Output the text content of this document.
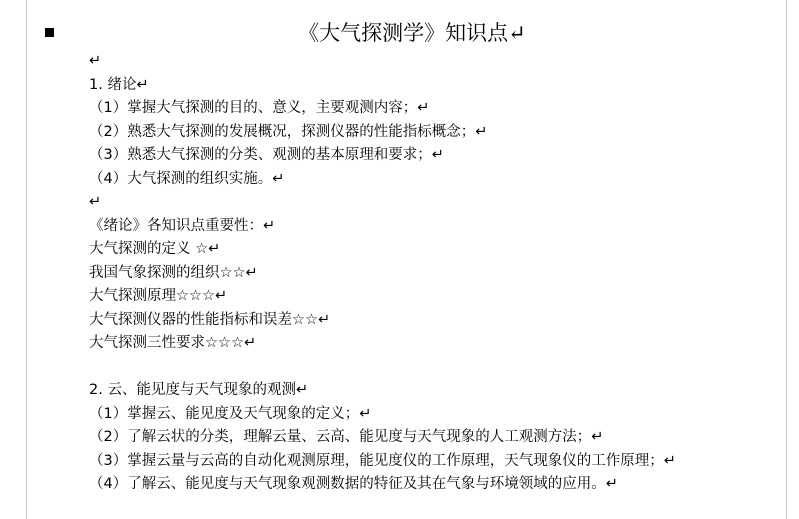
《大气探测学》知识点↵
↵
1. 绪论↵
（1）掌握大气探测的目的、意义，主要观测内容；↵
（2）熟悉大气探测的发展概况，探测仪器的性能指标概念；↵
（3）熟悉大气探测的分类、观测的基本原理和要求；↵
（4）大气探测的组织实施。↵
↵
《绪论》各知识点重要性：↵
大气探测的定义 ☆↵
我国气象探测的组织☆☆↵
大气探测原理☆☆☆↵
大气探测仪器的性能指标和误差☆☆↵
大气探测三性要求☆☆☆↵
2. 云、能见度与天气现象的观测↵
（1）掌握云、能见度及天气现象的定义；↵
（2）了解云状的分类，理解云量、云高、能见度与天气现象的人工观测方法；↵
（3）掌握云量与云高的自动化观测原理，能见度仪的工作原理，天气现象仪的工作原理；↵
（4）了解云、能见度与天气现象观测数据的特征及其在气象与环境领域的应用。↵
